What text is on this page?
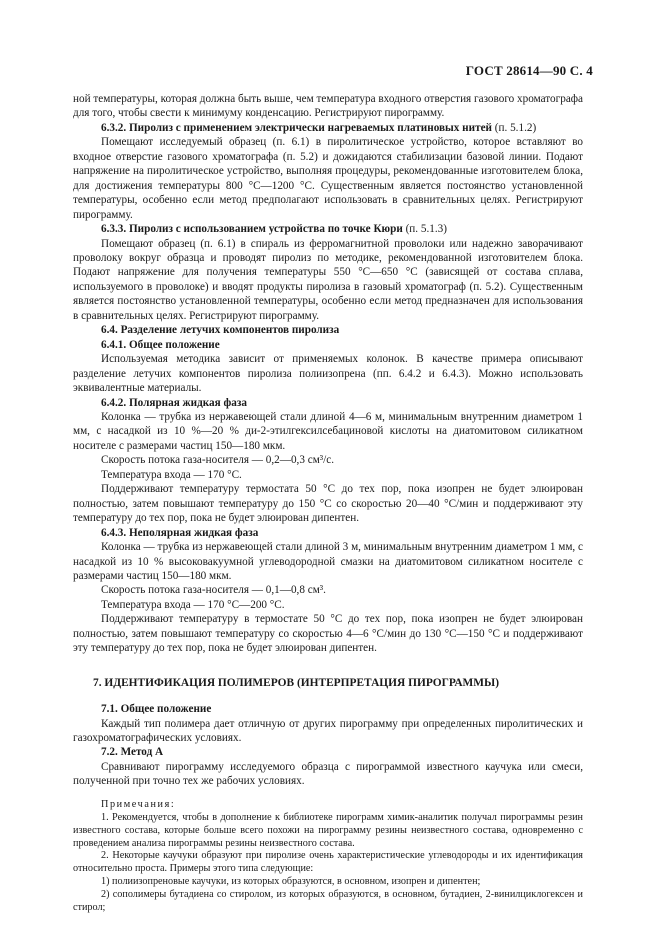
ГОСТ 28614—90 С. 4

ной температуры, которая должна быть выше, чем температура входного отверстия газового хроматографа для того, чтобы свести к минимуму конденсацию. Регистрируют пирограмму.

6.3.2. Пиролиз с применением электрически нагреваемых платиновых нитей (п. 5.1.2)

Помещают исследуемый образец (п. 6.1) в пиролитическое устройство, которое вставляют во входное отверстие газового хроматографа (п. 5.2) и дожидаются стабилизации базовой линии. Подают напряжение на пиролитическое устройство, выполняя процедуры, рекомендованные изготовителем блока, для достижения температуры 800 °С—1200 °С. Существенным является постоянство установленной температуры, особенно если метод предполагают использовать в сравнительных целях. Регистрируют пирограмму.

6.3.3. Пиролиз с использованием устройства по точке Кюри (п. 5.1.3)

Помещают образец (п. 6.1) в спираль из ферромагнитной проволоки или надежно заворачивают проволоку вокруг образца и проводят пиролиз по методике, рекомендованной изготовителем блока. Подают напряжение для получения температуры 550 °С—650 °С (зависящей от состава сплава, используемого в проволоке) и вводят продукты пиролиза в газовый хроматограф (п. 5.2). Существенным является постоянство установленной температуры, особенно если метод предназначен для использования в сравнительных целях. Регистрируют пирограмму.

6.4. Разделение летучих компонентов пиролиза

6.4.1. Общее положение

Используемая методика зависит от применяемых колонок. В качестве примера описывают разделение летучих компонентов пиролиза полиизопрена (пп. 6.4.2 и 6.4.3). Можно использовать эквивалентные материалы.

6.4.2. Полярная жидкая фаза

Колонка — трубка из нержавеющей стали длиной 4—6 м, минимальным внутренним диаметром 1 мм, с насадкой из 10 %—20 % ди-2-этилгексилсебациновой кислоты на диатомитовом силикатном носителе с размерами частиц 150—180 мкм.

Скорость потока газа-носителя — 0,2—0,3 см³/с.

Температура входа — 170 °С.

Поддерживают температуру термостата 50 °С до тех пор, пока изопрен не будет элюирован полностью, затем повышают температуру до 150 °С со скоростью 20—40 °С/мин и поддерживают эту температуру до тех пор, пока не будет элюирован дипентен.

6.4.3. Неполярная жидкая фаза

Колонка — трубка из нержавеющей стали длиной 3 м, минимальным внутренним диаметром 1 мм, с насадкой из 10 % высоковакуумной углеводородной смазки на диатомитовом силикатном носителе с размерами частиц 150—180 мкм.

Скорость потока газа-носителя — 0,1—0,8 см³.

Температура входа — 170 °С—200 °С.

Поддерживают температуру в термостате 50 °С до тех пор, пока изопрен не будет элюирован полностью, затем повышают температуру со скоростью 4—6 °С/мин до 130 °С—150 °С и поддерживают эту температуру до тех пор, пока не будет элюирован дипентен.

7. ИДЕНТИФИКАЦИЯ ПОЛИМЕРОВ (ИНТЕРПРЕТАЦИЯ ПИРОГРАММЫ)

7.1. Общее положение

Каждый тип полимера дает отличную от других пирограмму при определенных пиролитических и газохроматографических условиях.

7.2. Метод А

Сравнивают пирограмму исследуемого образца с пирограммой известного каучука или смеси, полученной при точно тех же рабочих условиях.

Примечания:

1. Рекомендуется, чтобы в дополнение к библиотеке пирограмм химик-аналитик получал пирограммы резин известного состава, которые больше всего похожи на пирограмму резины неизвестного состава, одновременно с проведением анализа пирограммы резины неизвестного состава.

2. Некоторые каучуки образуют при пиролизе очень характеристические углеводороды и их идентификация относительно проста. Примеры этого типа следующие:

1) полиизопреновые каучуки, из которых образуются, в основном, изопрен и дипентен;

2) сополимеры бутадиена со стиролом, из которых образуются, в основном, бутадиен, 2-винилциклогексен и стирол;
